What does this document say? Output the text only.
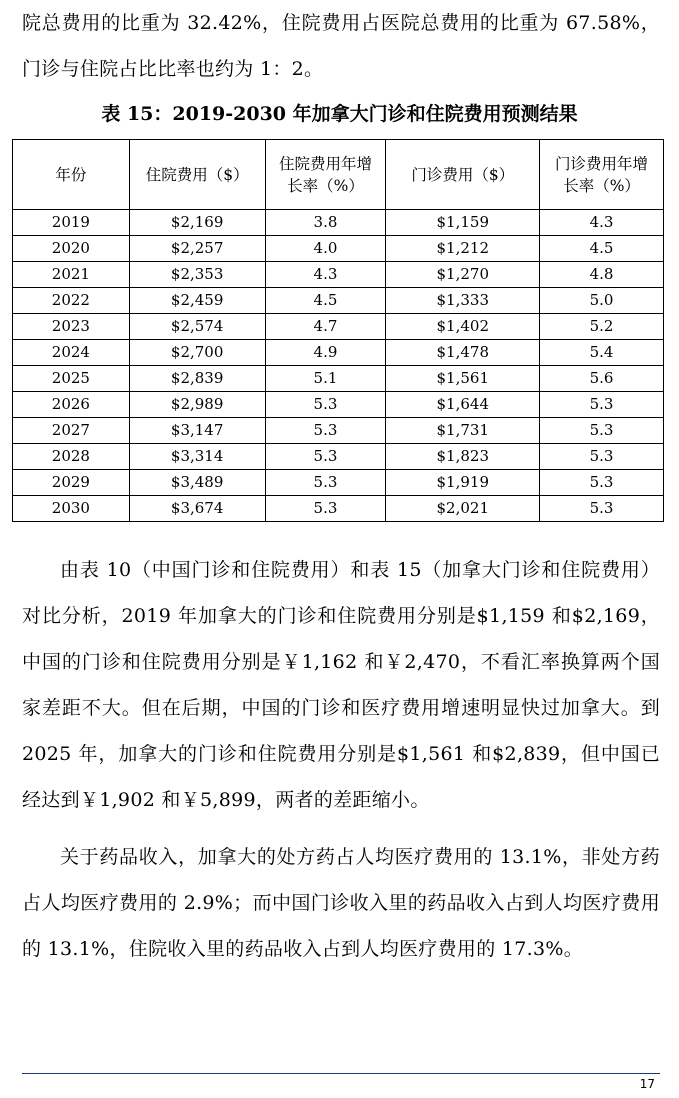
院总费用的比重为 32.42%，住院费用占医院总费用的比重为 67.58%，门诊与住院占比比率也约为 1：2。

表 15：2019-2030 年加拿大门诊和住院费用预测结果

年份	住院费用（$）	住院费用年增长率（%）	门诊费用（$）	门诊费用年增长率（%）
2019	$2,169	3.8	$1,159	4.3
2020	$2,257	4.0	$1,212	4.5
2021	$2,353	4.3	$1,270	4.8
2022	$2,459	4.5	$1,333	5.0
2023	$2,574	4.7	$1,402	5.2
2024	$2,700	4.9	$1,478	5.4
2025	$2,839	5.1	$1,561	5.6
2026	$2,989	5.3	$1,644	5.3
2027	$3,147	5.3	$1,731	5.3
2028	$3,314	5.3	$1,823	5.3
2029	$3,489	5.3	$1,919	5.3
2030	$3,674	5.3	$2,021	5.3

由表 10（中国门诊和住院费用）和表 15（加拿大门诊和住院费用）对比分析，2019 年加拿大的门诊和住院费用分别是$1,159 和$2,169，中国的门诊和住院费用分别是￥1,162 和￥2,470，不看汇率换算两个国家差距不大。但在后期，中国的门诊和医疗费用增速明显快过加拿大。到 2025 年，加拿大的门诊和住院费用分别是$1,561 和$2,839，但中国已经达到￥1,902 和￥5,899，两者的差距缩小。

关于药品收入，加拿大的处方药占人均医疗费用的 13.1%，非处方药占人均医疗费用的 2.9%；而中国门诊收入里的药品收入占到人均医疗费用的 13.1%，住院收入里的药品收入占到人均医疗费用的 17.3%。

17
